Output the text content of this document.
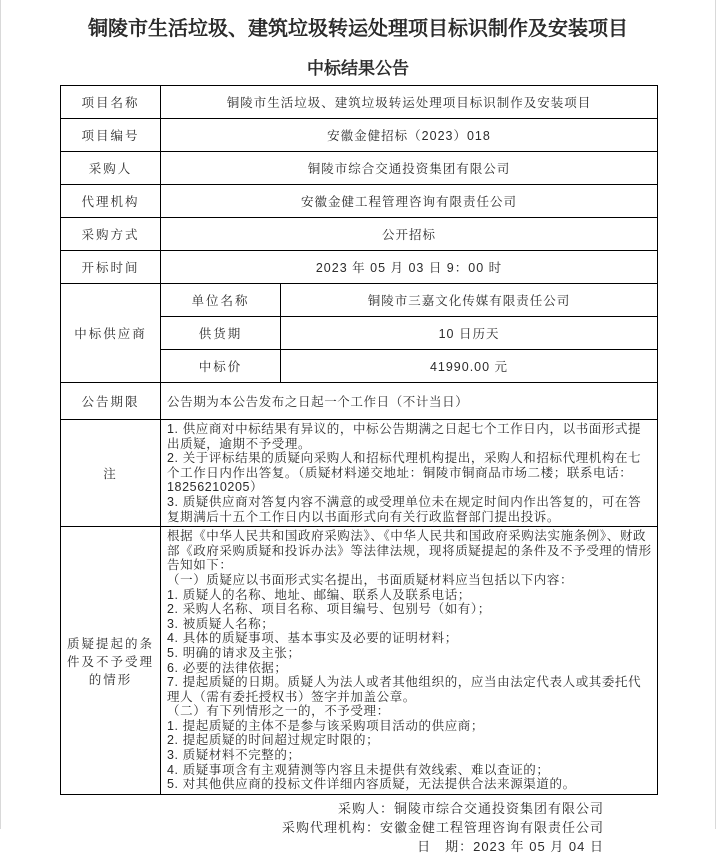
铜陵市生活垃圾、建筑垃圾转运处理项目标识制作及安装项目
中标结果公告
项目名称	铜陵市生活垃圾、建筑垃圾转运处理项目标识制作及安装项目	
项目编号	安徽金健招标（2023）018	
采购人	铜陵市综合交通投资集团有限公司	
代理机构	安徽金健工程管理咨询有限责任公司	
采购方式	公开招标	
开标时间	2023 年 05 月 03 日 9：00 时	
中标供应商	单位名称	铜陵市三嘉文化传媒有限责任公司
	供货期	10 日历天
	中标价	41990.00 元
公告期限	公告期为本公告发布之日起一个工作日（不计当日）	
注	1. 供应商对中标结果有异议的，中标公告期满之日起七个工作日内，以书面形式提出质疑，逾期不予受理。
2. 关于评标结果的质疑向采购人和招标代理机构提出，采购人和招标代理机构在七个工作日内作出答复。（质疑材料递交地址：铜陵市铜商品市场二楼；联系电话：18256210205）
3. 质疑供应商对答复内容不满意的或受理单位未在规定时间内作出答复的，可在答复期满后十五个工作日内以书面形式向有关行政监督部门提出投诉。	

质疑提起的条件及不予受理的情形	
根据《中华人民共和国政府采购法》、《中华人民共和国政府采购法实施条例》、财政部《政府采购质疑和投诉办法》等法律法规，现将质疑提起的条件及不予受理的情形告知如下：
（一）质疑应以书面形式实名提出，书面质疑材料应当包括以下内容：
1. 质疑人的名称、地址、邮编、联系人及联系电话；
2. 采购人名称、项目名称、项目编号、包别号（如有）；
3. 被质疑人名称；
4. 具体的质疑事项、基本事实及必要的证明材料；
5. 明确的请求及主张；
6. 必要的法律依据；
7. 提起质疑的日期。质疑人为法人或者其他组织的，应当由法定代表人或其委托代理人（需有委托授权书）签字并加盖公章。
（二）有下列情形之一的，不予受理：
1. 提起质疑的主体不是参与该采购项目活动的供应商；
2. 提起质疑的时间超过规定时限的；
3. 质疑材料不完整的；
4. 质疑事项含有主观猜测等内容且未提供有效线索、难以查证的；
5. 对其他供应商的投标文件详细内容质疑，无法提供合法来源渠道的。
采购人：铜陵市综合交通投资集团有限公司
采购代理机构：安徽金健工程管理咨询有限责任公司
日　期：2023 年 05 月 04 日
